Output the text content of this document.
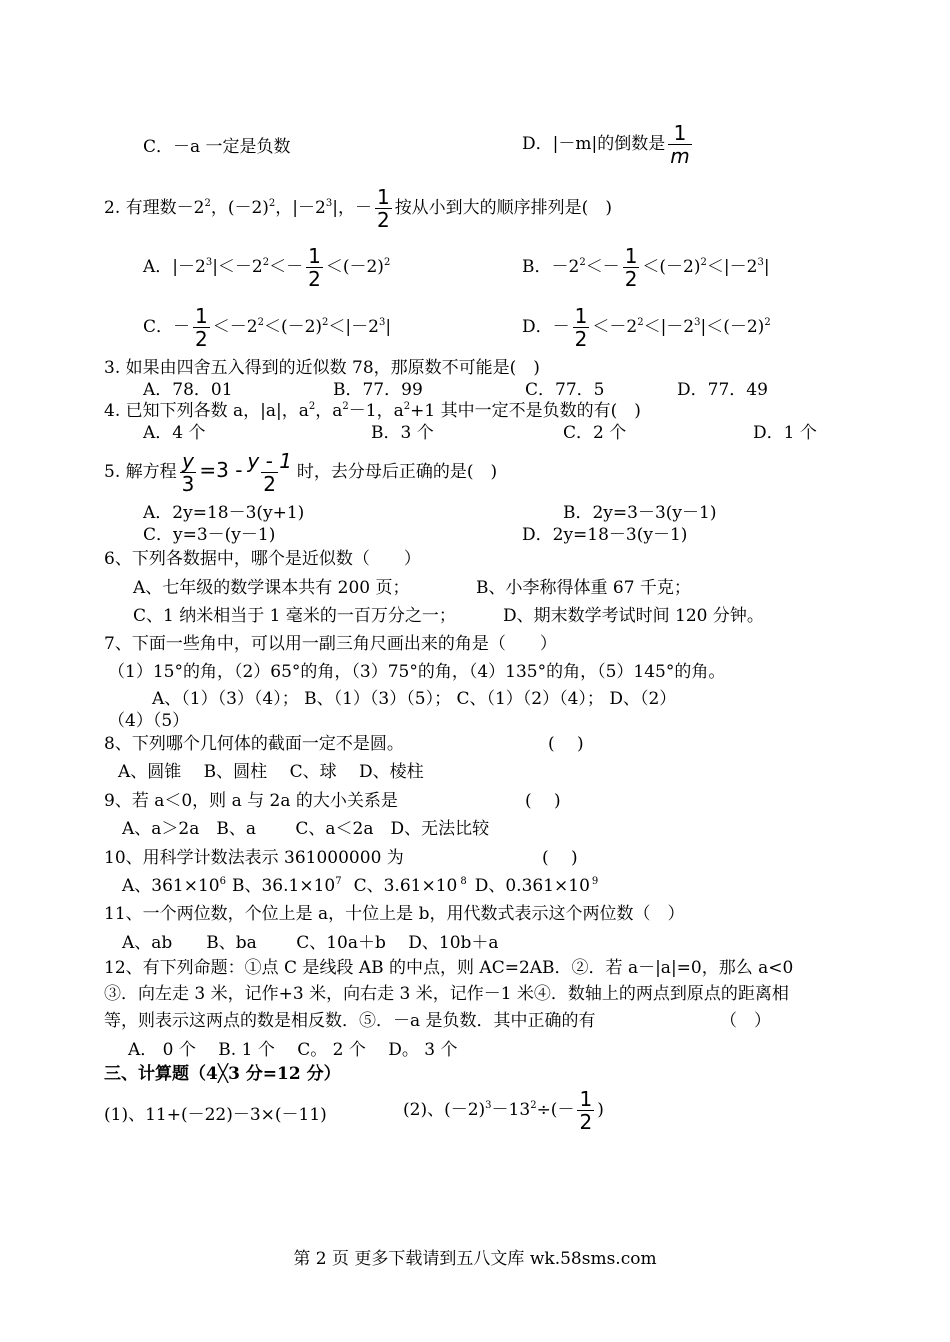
C．－a 一定是负数	D．|－m|的倒数是 $\frac{1}{m}$
2. 有理数$-2^2$，$(-2)^2$，$|-2^3|$，－ $\frac{1}{2}$ 按从小到大的顺序排列是(　)
A．$|-2^3|<-2^2<- \frac{1}{2} <(-2)^2$	B．$-2^2<- \frac{1}{2} <(-2)^2<|-2^3|$
C．－ $\frac{1}{2} <-2^2<(-2)^2<|-2^3|$	D．－ $\frac{1}{2} <-2^2<|-2^3|<(-2)^2$
3. 如果由四舍五入得到的近似数 78，那原数不可能是(　)
A．78．01	B．77．99	C．77．5	D．77．49
4. 已知下列各数 a，|a|，$a^2$，$a^2-1$，$a^2+1$ 其中一定不是负数的有(　)
A．4 个	B．3 个	C．2 个	D．1 个
5. 解方程 $\frac{y}{3} =3 - \frac{y - 1}{2}$ 时，去分母后正确的是(　)
A．2y=18－3(y+1)	B．2y=3－3(y－1)
C．y=3－(y－1)	D．2y=18－3(y－1)
6、下列各数据中，哪个是近似数（　　）
A、七年级的数学课本共有 200 页；	B、小李称得体重 67 千克；
C、1 纳米相当于 1 毫米的一百万分之一；	D、期末数学考试时间 120 分钟。
7、下面一些角中，可以用一副三角尺画出来的角是（　　）
（1）15°的角，（2）65°的角，（3）75°的角，（4）135°的角，（5）145°的角。
A、（1）（3）（4）； B、（1）（3）（5）； C、（1）（2）（4）； D、（2）
（4）（5）
8、下列哪个几何体的截面一定不是圆。	(　 )
A、圆锥　 B、圆柱　 C、球　 D、棱柱
9、若 a＜0，则 a 与 2a 的大小关系是	(　 )
A、a＞2a　B、a　　 C、a＜2a　D、无法比较
10、用科学计数法表示 361000000 为	(　 )
A、$361\times 10^6$ B、$36.1\times 10^7$ C、3.61×10 $^8$ D、0.361×10 $^9$
11、一个两位数，个位上是 a，十位上是 b，用代数式表示这个两位数（　）
A、ab　　B、ba　　 C、10a＋b　 D、10b＋a
12、有下列命题：①点 C 是线段 AB 的中点，则 AC=2AB．②．若 a－|a|=0，那么 a<0
③．向左走 3 米，记作+3 米，向右走 3 米，记作－1 米④．数轴上的两点到原点的距离相
等，则表示这两点的数是相反数．⑤．－a 是负数．其中正确的有	（　）
A． 0 个　 B. 1 个　 C。 2 个　 D。 3 个
三、计算题（4╳3 分=12 分）
(1)、11+(－22)－3×(－11)	(2)、$(-2)^3-13^2\div(- \frac{1}{2}$ )
第 2 页 更多下载请到五八文库 wk.58sms.com
